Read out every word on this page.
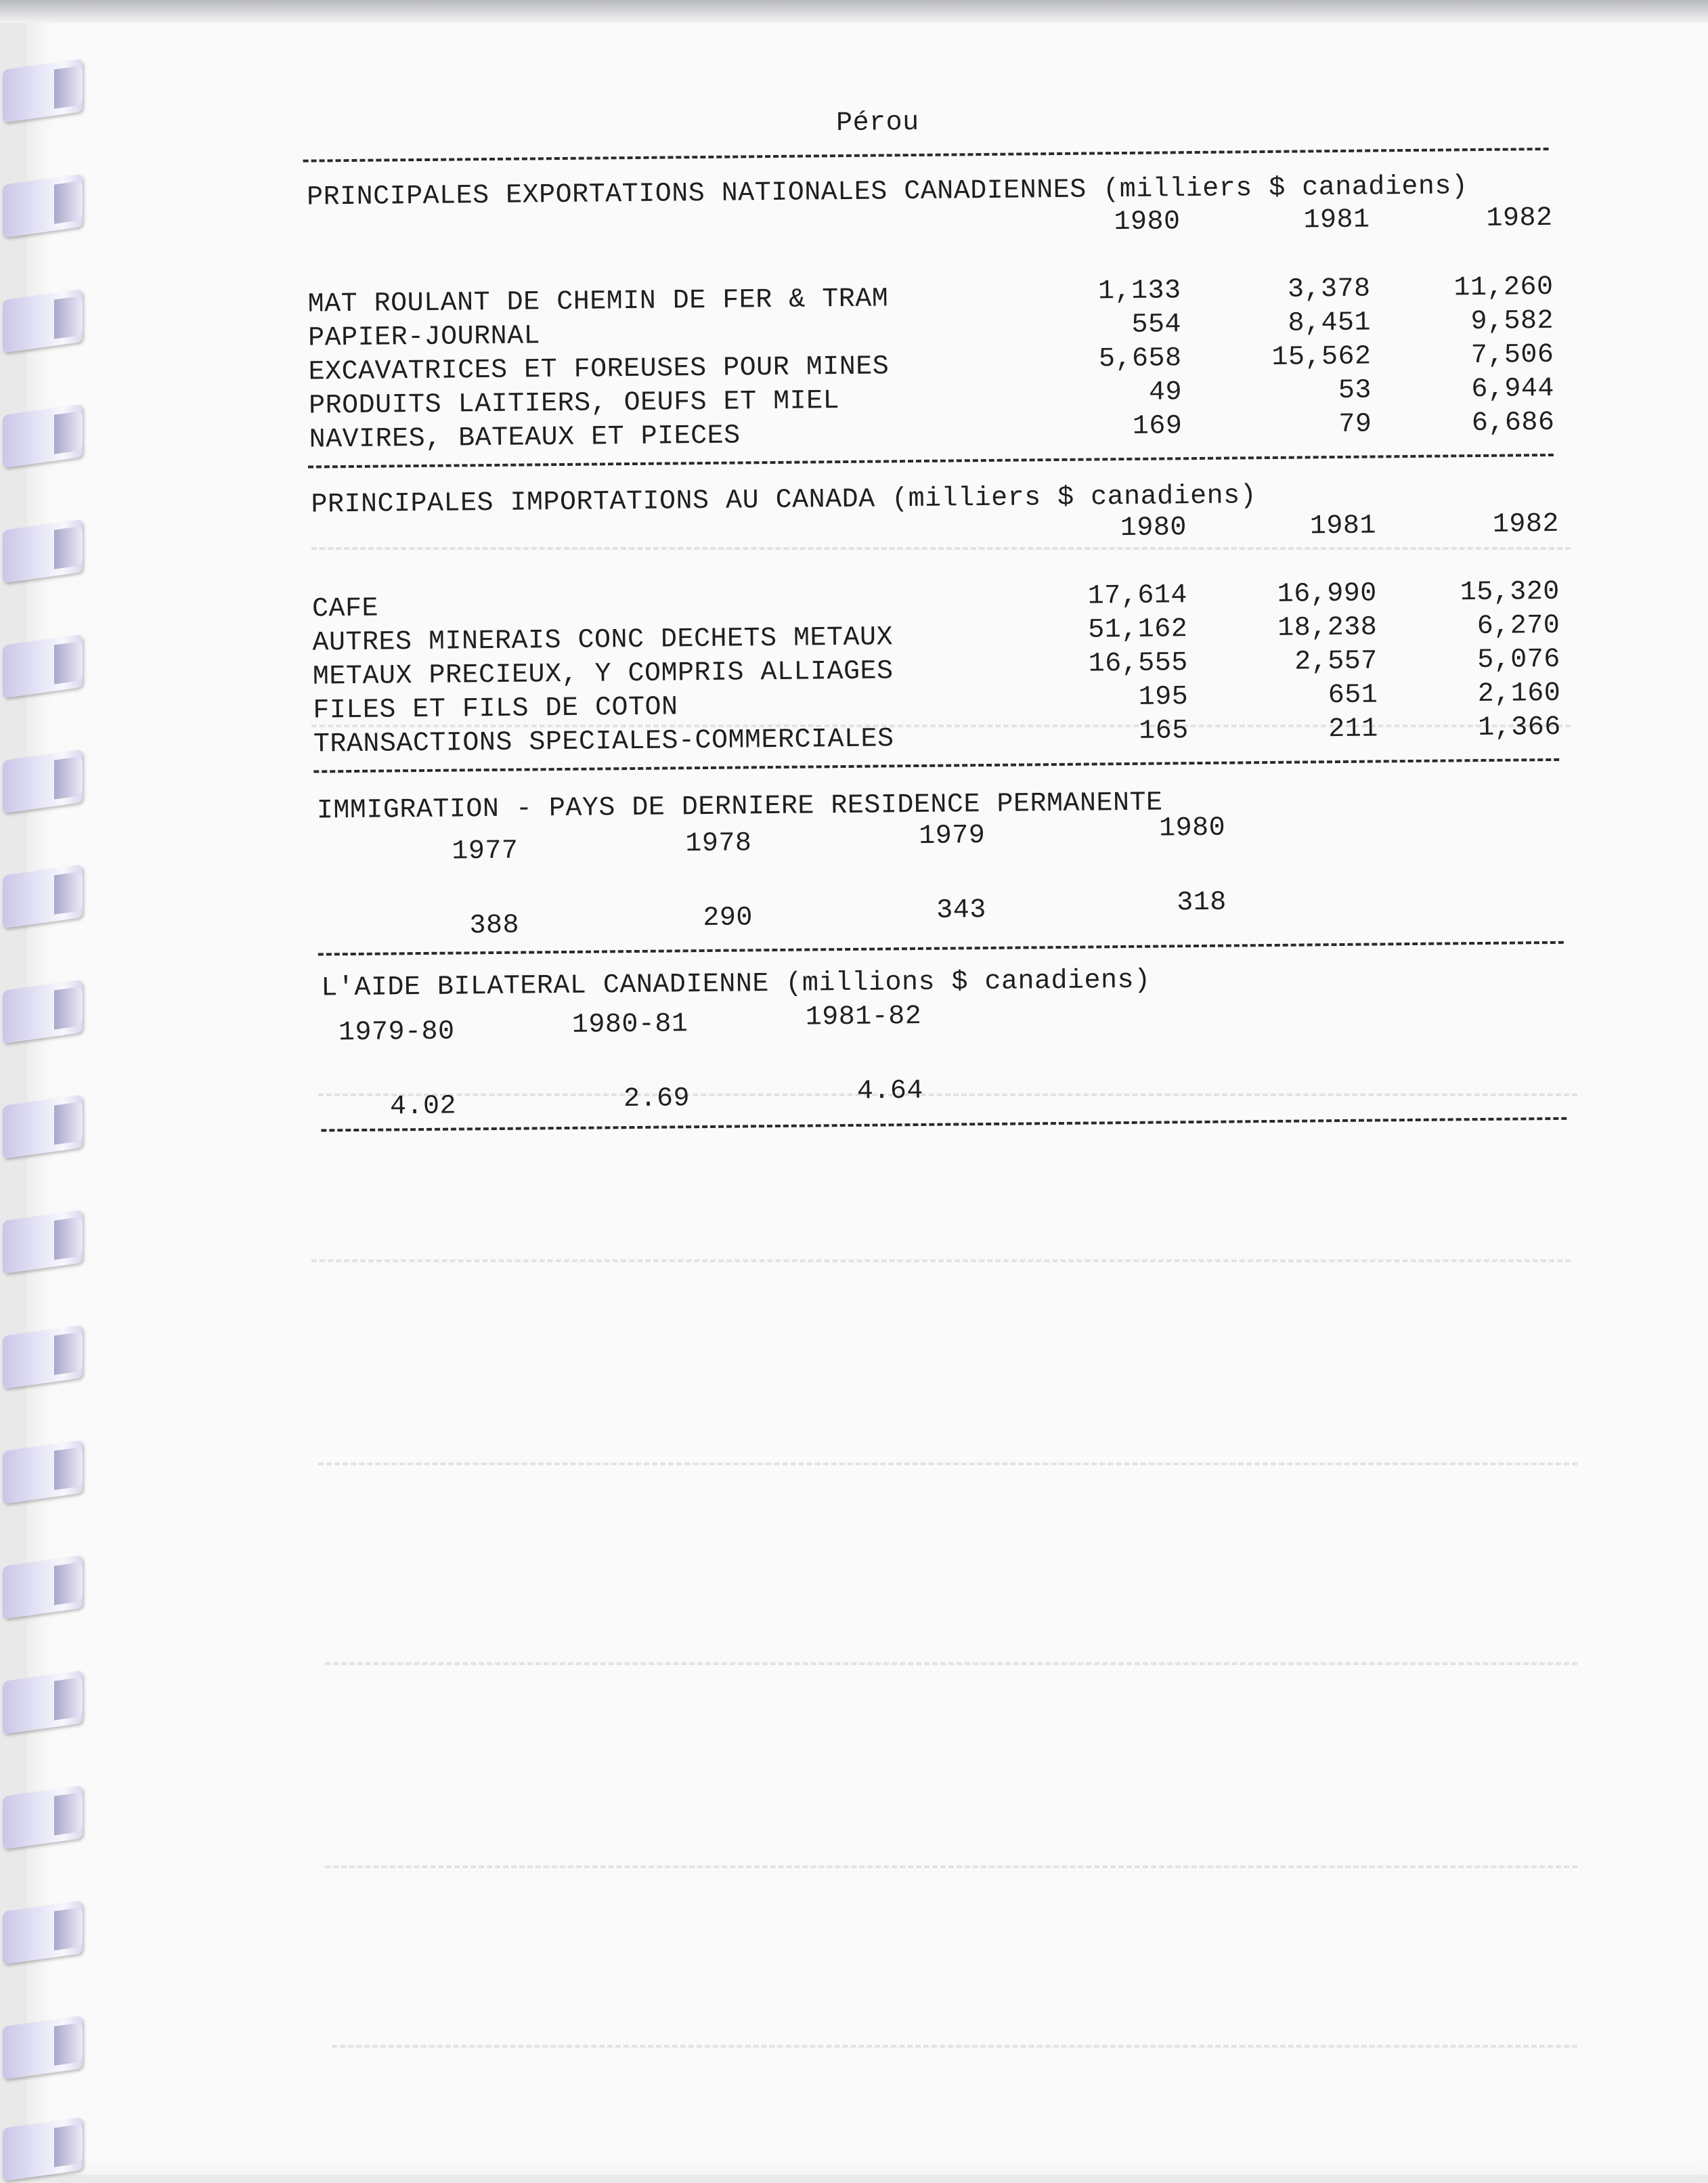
Pérou
PRINCIPALES EXPORTATIONS NATIONALES CANADIENNES (milliers $ canadiens)
1980	1981	1982
MAT ROULANT DE CHEMIN DE FER & TRAM	1,133	3,378	11,260
PAPIER-JOURNAL	554	8,451	9,582
EXCAVATRICES ET FOREUSES POUR MINES	5,658	15,562	7,506
PRODUITS LAITIERS, OEUFS ET MIEL	49	53	6,944
NAVIRES, BATEAUX ET PIECES	169	79	6,686
PRINCIPALES IMPORTATIONS AU CANADA (milliers $ canadiens)
1980	1981	1982
CAFE	17,614	16,990	15,320
AUTRES MINERAIS CONC DECHETS METAUX	51,162	18,238	6,270
METAUX PRECIEUX, Y COMPRIS ALLIAGES	16,555	2,557	5,076
FILES ET FILS DE COTON	195	651	2,160
TRANSACTIONS SPECIALES-COMMERCIALES	165	211	1,366
IMMIGRATION - PAYS DE DERNIERE RESIDENCE PERMANENTE
1977	1978	1979	1980
388	290	343	318
L'AIDE BILATERAL CANADIENNE (millions $ canadiens)
1979-80	1980-81	1981-82
4.02	2.69	4.64
